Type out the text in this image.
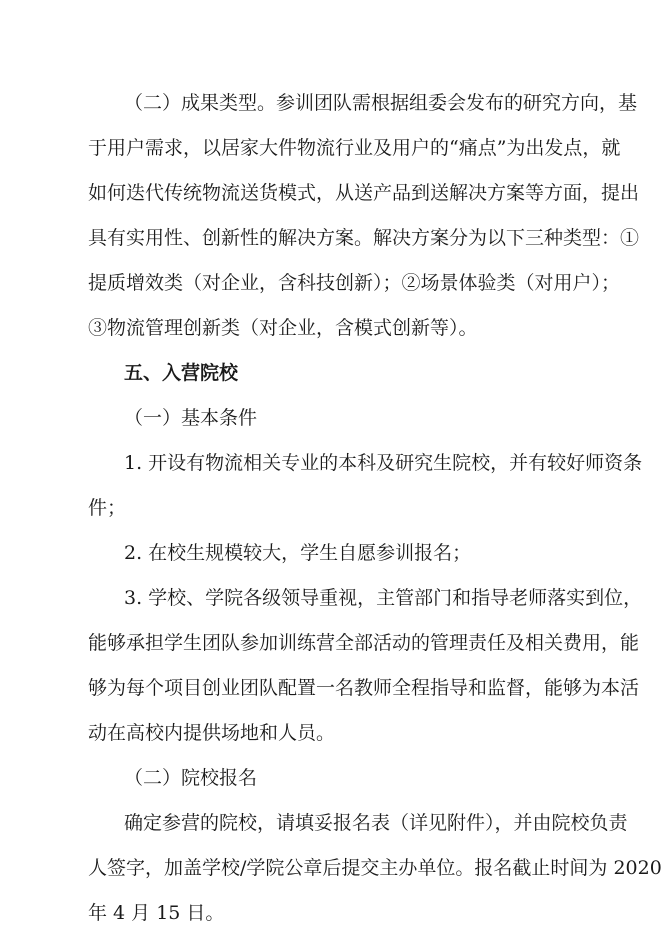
（二）成果类型。参训团队需根据组委会发布的研究方向，基
于用户需求，以居家大件物流行业及用户的“痛点”为出发点，就
如何迭代传统物流送货模式，从送产品到送解决方案等方面，提出
具有实用性、创新性的解决方案。解决方案分为以下三种类型：①
提质增效类（对企业，含科技创新）；②场景体验类（对用户）；
③物流管理创新类（对企业，含模式创新等）。
五、入营院校
（一）基本条件
1. 开设有物流相关专业的本科及研究生院校，并有较好师资条
件；
2. 在校生规模较大，学生自愿参训报名；
3. 学校、学院各级领导重视，主管部门和指导老师落实到位，
能够承担学生团队参加训练营全部活动的管理责任及相关费用，能
够为每个项目创业团队配置一名教师全程指导和监督，能够为本活
动在高校内提供场地和人员。
（二）院校报名
确定参营的院校，请填妥报名表（详见附件），并由院校负责
人签字，加盖学校/学院公章后提交主办单位。报名截止时间为 2020
年 4 月 15 日。
